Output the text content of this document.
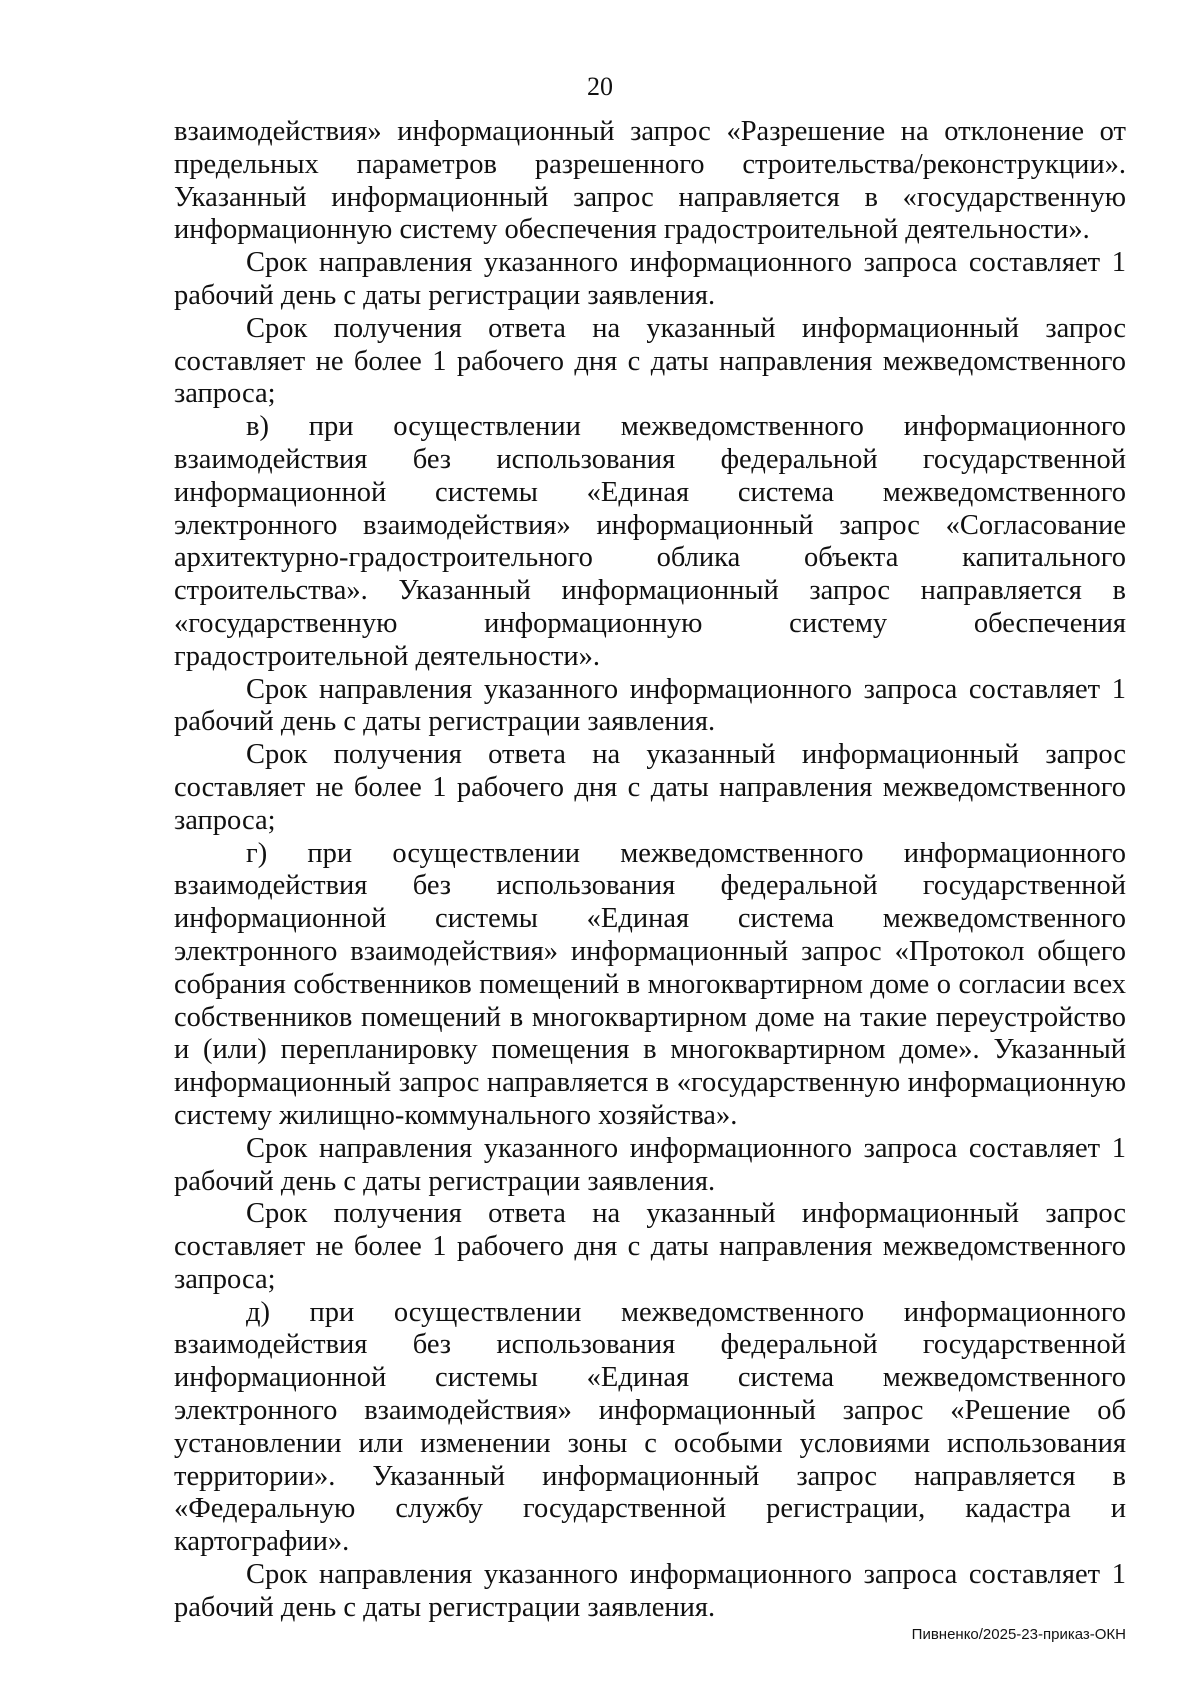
20

взаимодействия» информационный запрос «Разрешение на отклонение от предельных параметров разрешенного строительства/реконструкции». Указанный информационный запрос направляется в «государственную информационную систему обеспечения градостроительной деятельности».

Срок направления указанного информационного запроса составляет 1 рабочий день с даты регистрации заявления.

Срок получения ответа на указанный информационный запрос составляет не более 1 рабочего дня с даты направления межведомственного запроса;

в) при осуществлении межведомственного информационного взаимодействия без использования федеральной государственной информационной системы «Единая система межведомственного электронного взаимодействия» информационный запрос «Согласование архитектурно-градостроительного облика объекта капитального строительства». Указанный информационный запрос направляется в «государственную информационную систему обеспечения градостроительной деятельности».

Срок направления указанного информационного запроса составляет 1 рабочий день с даты регистрации заявления.

Срок получения ответа на указанный информационный запрос составляет не более 1 рабочего дня с даты направления межведомственного запроса;

г) при осуществлении межведомственного информационного взаимодействия без использования федеральной государственной информационной системы «Единая система межведомственного электронного взаимодействия» информационный запрос «Протокол общего собрания собственников помещений в многоквартирном доме о согласии всех собственников помещений в многоквартирном доме на такие переустройство и (или) перепланировку помещения в многоквартирном доме». Указанный информационный запрос направляется в «государственную информационную систему жилищно-коммунального хозяйства».

Срок направления указанного информационного запроса составляет 1 рабочий день с даты регистрации заявления.

Срок получения ответа на указанный информационный запрос составляет не более 1 рабочего дня с даты направления межведомственного запроса;

д) при осуществлении межведомственного информационного взаимодействия без использования федеральной государственной информационной системы «Единая система межведомственного электронного взаимодействия» информационный запрос «Решение об установлении или изменении зоны с особыми условиями использования территории». Указанный информационный запрос направляется в «Федеральную службу государственной регистрации, кадастра и картографии».

Срок направления указанного информационного запроса составляет 1 рабочий день с даты регистрации заявления.

Пивненко/2025-23-приказ-ОКН
